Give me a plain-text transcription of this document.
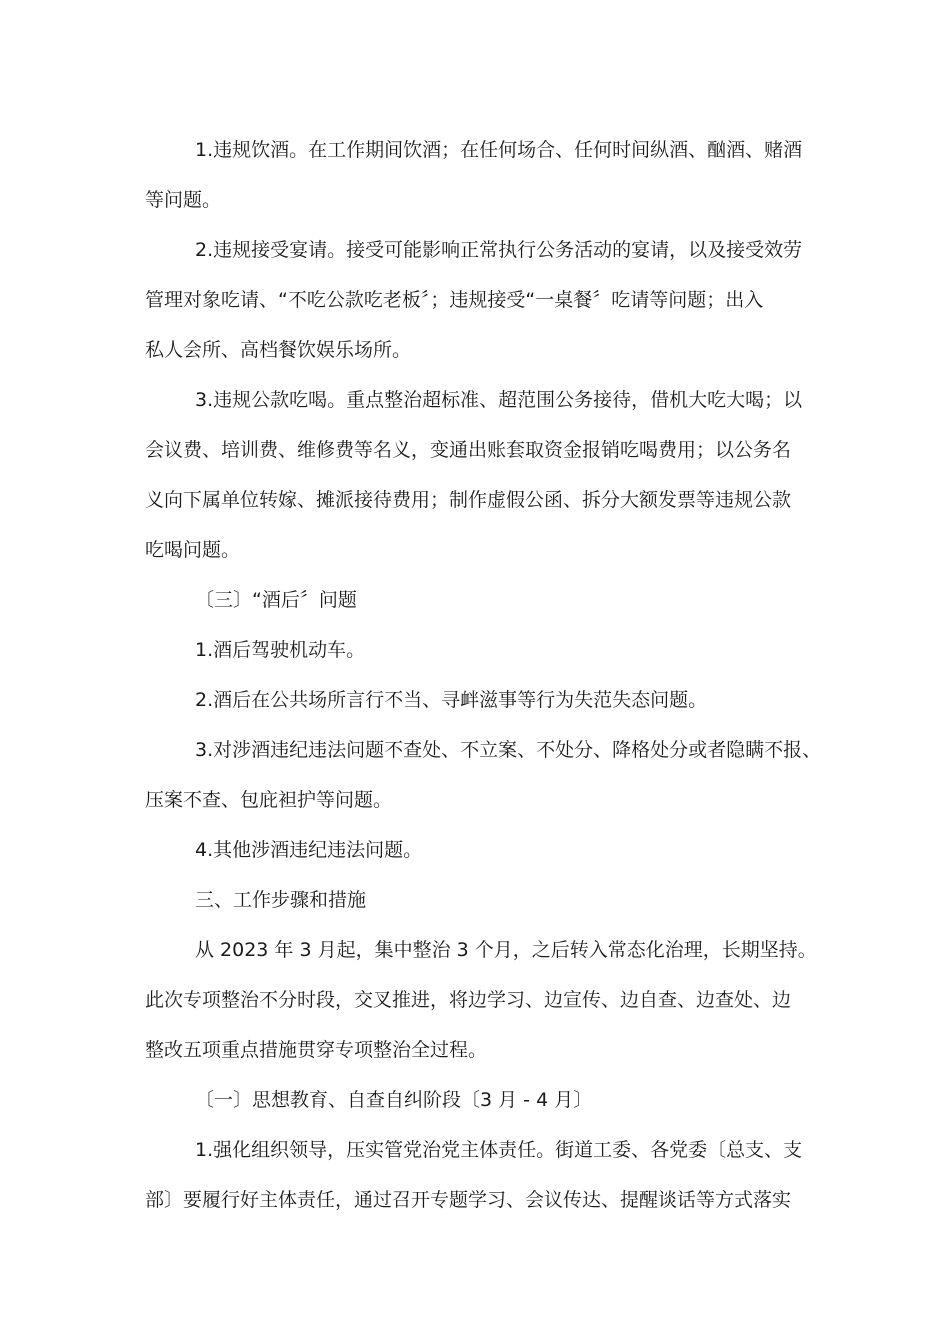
1.违规饮酒。在工作期间饮酒；在任何场合、任何时间纵酒、酗酒、赌酒
等问题。
2.违规接受宴请。接受可能影响正常执行公务活动的宴请，以及接受效劳
管理对象吃请、“不吃公款吃老板〞；违规接受“一桌餐〞吃请等问题；出入
私人会所、高档餐饮娱乐场所。
3.违规公款吃喝。重点整治超标准、超范围公务接待，借机大吃大喝；以
会议费、培训费、维修费等名义，变通出账套取资金报销吃喝费用；以公务名
义向下属单位转嫁、摊派接待费用；制作虚假公函、拆分大额发票等违规公款
吃喝问题。
〔三〕“酒后〞问题
1.酒后驾驶机动车。
2.酒后在公共场所言行不当、寻衅滋事等行为失范失态问题。
3.对涉酒违纪违法问题不查处、不立案、不处分、降格处分或者隐瞒不报、
压案不查、包庇袒护等问题。
4.其他涉酒违纪违法问题。
三、工作步骤和措施
从 2023 年 3 月起，集中整治 3 个月，之后转入常态化治理，长期坚持。
此次专项整治不分时段，交叉推进，将边学习、边宣传、边自查、边查处、边
整改五项重点措施贯穿专项整治全过程。
〔一〕思想教育、自查自纠阶段〔3 月 - 4 月〕
1.强化组织领导，压实管党治党主体责任。街道工委、各党委〔总支、支
部〕要履行好主体责任，通过召开专题学习、会议传达、提醒谈话等方式落实
